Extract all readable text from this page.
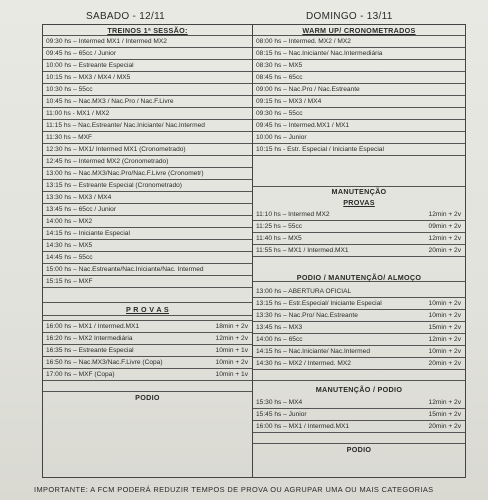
SABADO - 12/11	DOMINGO - 13/11
TREINOS 1ª SESSÃO:
09:30 hs – Intermed MX1 / Intermed MX2
09:45 hs – 65cc / Junior
10:00 hs – Estreante Especial
10:15 hs – MX3 / MX4 / MX5
10:30 hs – 55cc
10:45 hs – Nac.MX3 / Nac.Pro / Nac.F.Livre
11:00 hs - MX1 / MX2
11:15 hs – Nac.Estreante/ Nac.Iniciante/ Nac.Intermed
11:30 hs – MXF
12:30 hs – MX1/ Intermed MX1 (Cronometrado)
12:45 hs – Intermed MX2 (Cronometrado)
13:00 hs – Nac.MX3/Nac.Pro/Nac.F.Livre (Cronometr)
13:15 hs – Estreante Especial (Cronometrado)
13:30 hs – MX3 / MX4
13:45 hs – 65cc / Junior
14:00 hs – MX2
14:15 hs – Iniciante Especial
14:30 hs – MX5
14:45 hs – 55cc
15:00 hs – Nac.Estreante/Nac.Iniciante/Nac. Intermed
15:15 hs – MXF
P R O V A S
16:00 hs – MX1 / Intermed.MX1	18min + 2v
16:20 hs – MX2 Intermediária	12min + 2v
16:35 hs – Estreante Especial	10min + 1v
16:50 hs – Nac.MX3/Nac.F.Livre (Copa)	10min + 2v
17:00 hs – MXF (Copa)	10min + 1v
PODIO
WARM UP/ CRONOMETRADOS
08:00 hs – Intermed. MX2 / MX2
08:15 hs – Nac.Iniciante/ Nac.Intermediária
08:30 hs – MX5
08:45 hs – 65cc
09:00 hs – Nac.Pro / Nac.Estreante
09:15 hs – MX3 / MX4
09:30 hs – 55cc
09:45 hs – Intermed.MX1 / MX1
10:00 hs – Junior
10:15 hs - Estr. Especial / Iniciante Especial
MANUTENÇÃO
PROVAS
11:10 hs – Intermed MX2	12min + 2v
11:25 hs – 55cc	09min + 2v
11:40 hs – MX5	12min + 2v
11:55 hs – MX1 / Intermed.MX1	20min + 2v
PODIO / MANUTENÇÃO/ ALMOÇO
13:00 hs – ABERTURA OFICIAL
13:15 hs – Estr.Especial/ Iniciante Especial	10min + 2v
13:30 hs – Nac.Pro/ Nac.Estreante	10min + 2v
13:45 hs – MX3	15min + 2v
14:00 hs – 65cc	12min + 2v
14:15 hs – Nac.Iniciante/ Nac.Intermed	10min + 2v
14:30 hs – MX2 / Intermed. MX2	20min + 2v
MANUTENÇÃO / PODIO
15:30 hs – MX4	12min + 2v
15:45 hs – Junior	15min + 2v
16:00 hs – MX1 / Intermed.MX1	20min + 2v
PODIO
IMPORTANTE: A FCM PODERÁ REDUZIR TEMPOS DE PROVA OU AGRUPAR UMA OU MAIS CATEGORIAS
